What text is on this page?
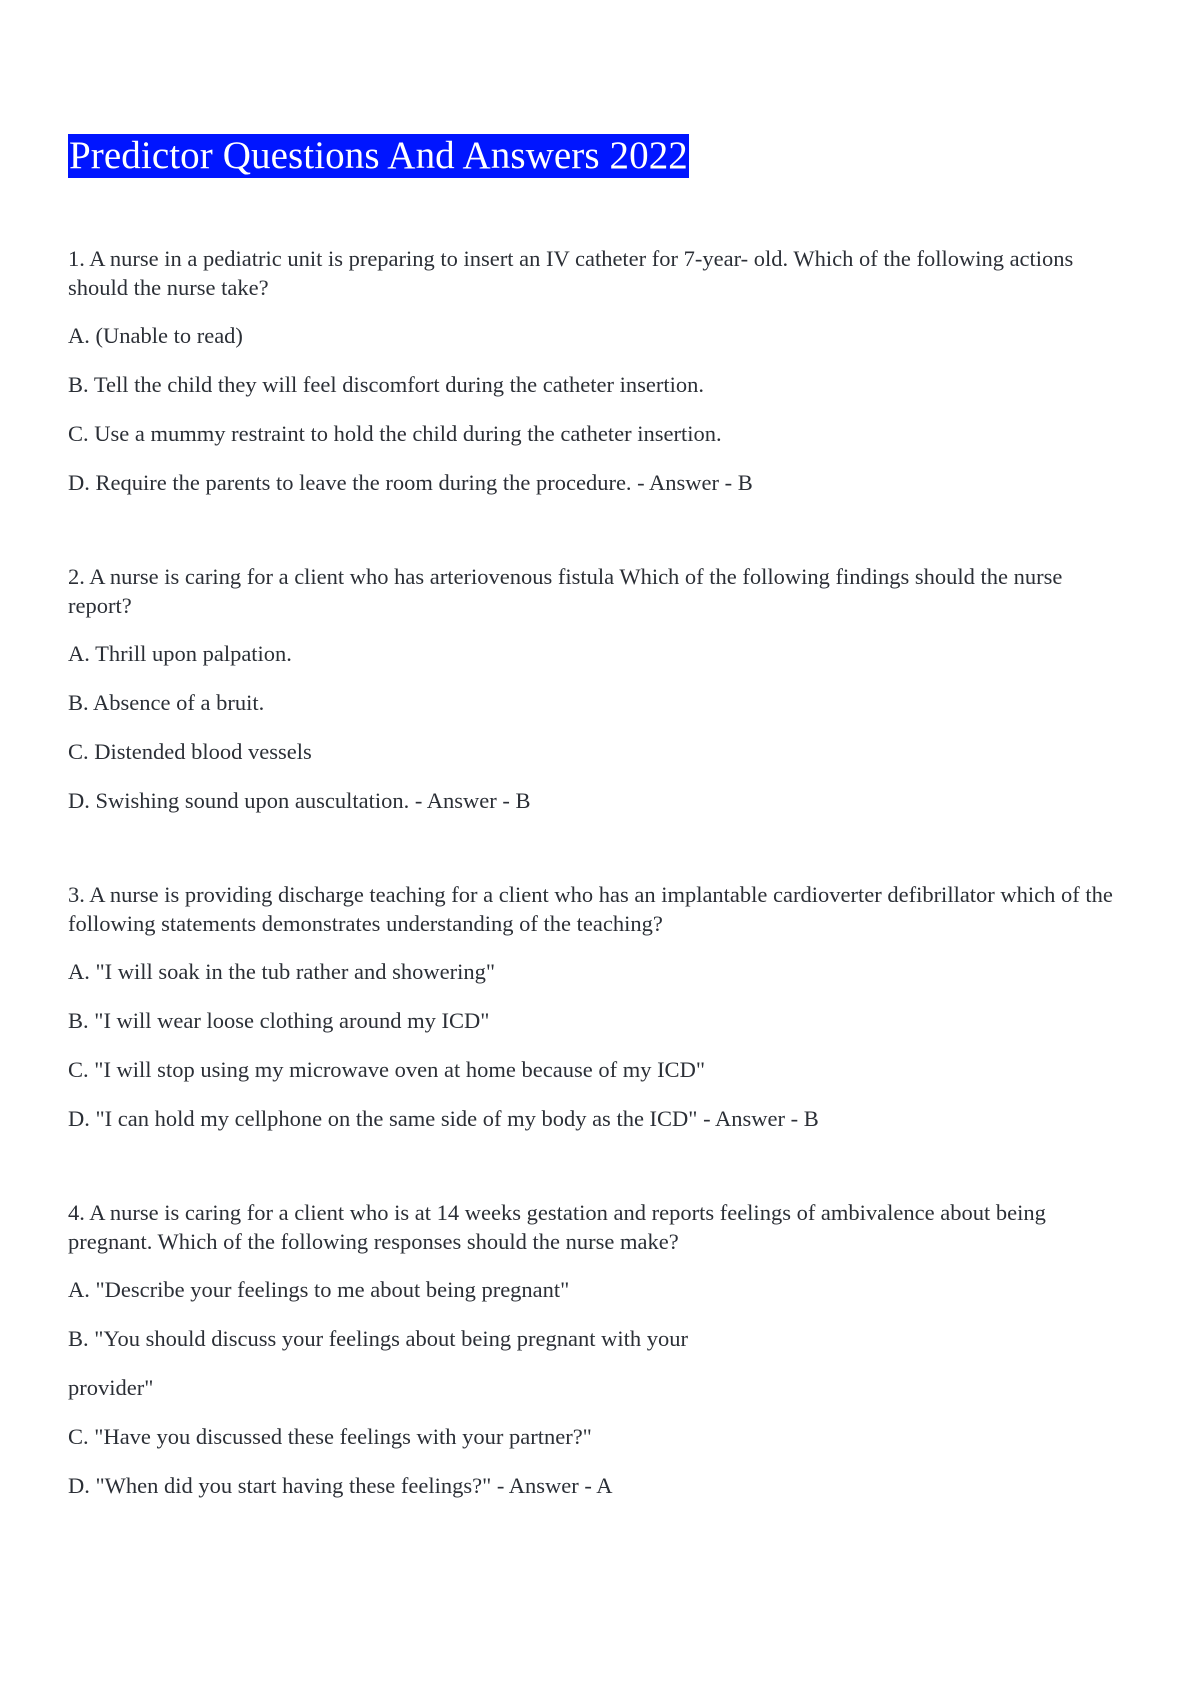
Predictor Questions And Answers 2022

1. A nurse in a pediatric unit is preparing to insert an IV catheter for 7-year- old. Which of the following actions should the nurse take?

A. (Unable to read)

B. Tell the child they will feel discomfort during the catheter insertion.

C. Use a mummy restraint to hold the child during the catheter insertion.

D. Require the parents to leave the room during the procedure. - Answer - B

2. A nurse is caring for a client who has arteriovenous fistula Which of the following findings should the nurse report?

A. Thrill upon palpation.

B. Absence of a bruit.

C. Distended blood vessels

D. Swishing sound upon auscultation. - Answer - B

3. A nurse is providing discharge teaching for a client who has an implantable cardioverter defibrillator which of the following statements demonstrates understanding of the teaching?

A. "I will soak in the tub rather and showering"

B. "I will wear loose clothing around my ICD"

C. "I will stop using my microwave oven at home because of my ICD"

D. "I can hold my cellphone on the same side of my body as the ICD" - Answer - B

4. A nurse is caring for a client who is at 14 weeks gestation and reports feelings of ambivalence about being pregnant. Which of the following responses should the nurse make?

A. "Describe your feelings to me about being pregnant"

B. "You should discuss your feelings about being pregnant with your

provider"

C. "Have you discussed these feelings with your partner?"

D. "When did you start having these feelings?" - Answer - A
